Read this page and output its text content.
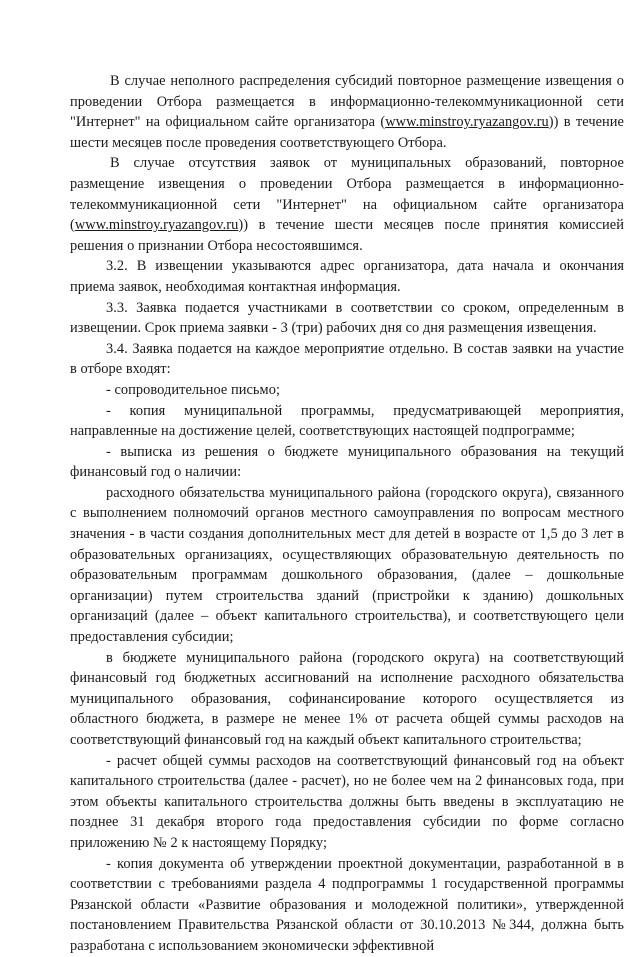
В случае неполного распределения субсидий повторное размещение извещения о проведении Отбора размещается в информационно-телекоммуникационной сети "Интернет" на официальном сайте организатора (www.minstroy.ryazangov.ru)) в течение шести месяцев после проведения соответствующего Отбора.

В случае отсутствия заявок от муниципальных образований, повторное размещение извещения о проведении Отбора размещается в информационно-телекоммуникационной сети "Интернет" на официальном сайте организатора (www.minstroy.ryazangov.ru)) в течение шести месяцев после принятия комиссией решения о признании Отбора несостоявшимся.

3.2. В извещении указываются адрес организатора, дата начала и окончания приема заявок, необходимая контактная информация.

3.3. Заявка подается участниками в соответствии со сроком, определенным в извещении. Срок приема заявки - 3 (три) рабочих дня со дня размещения извещения.

3.4. Заявка подается на каждое мероприятие отдельно. В состав заявки на участие в отборе входят:

- сопроводительное письмо;

- копия муниципальной программы, предусматривающей мероприятия, направленные на достижение целей, соответствующих настоящей подпрограмме;

- выписка из решения о бюджете муниципального образования на текущий финансовый год о наличии:

расходного обязательства муниципального района (городского округа), связанного с выполнением полномочий органов местного самоуправления по вопросам местного значения - в части создания дополнительных мест для детей в возрасте от 1,5 до 3 лет в образовательных организациях, осуществляющих образовательную деятельность по образовательным программам дошкольного образования, (далее – дошкольные организации) путем строительства зданий (пристройки к зданию) дошкольных организаций (далее – объект капитального строительства), и соответствующего цели предоставления субсидии;

в бюджете муниципального района (городского округа) на соответствующий финансовый год бюджетных ассигнований на исполнение расходного обязательства муниципального образования, софинансирование которого осуществляется из областного бюджета, в размере не менее 1% от расчета общей суммы расходов на соответствующий финансовый год на каждый объект капитального строительства;

- расчет общей суммы расходов на соответствующий финансовый год на объект капитального строительства (далее - расчет), но не более чем на 2 финансовых года, при этом объекты капитального строительства должны быть введены в эксплуатацию не позднее 31 декабря второго года предоставления субсидии по форме согласно приложению № 2 к настоящему Порядку;

- копия документа об утверждении проектной документации, разработанной в в соответствии с требованиями раздела 4 подпрограммы 1 государственной программы Рязанской области «Развитие образования и молодежной политики», утвержденной постановлением Правительства Рязанской области от 30.10.2013 №344, должна быть разработана с использованием экономически эффективной
